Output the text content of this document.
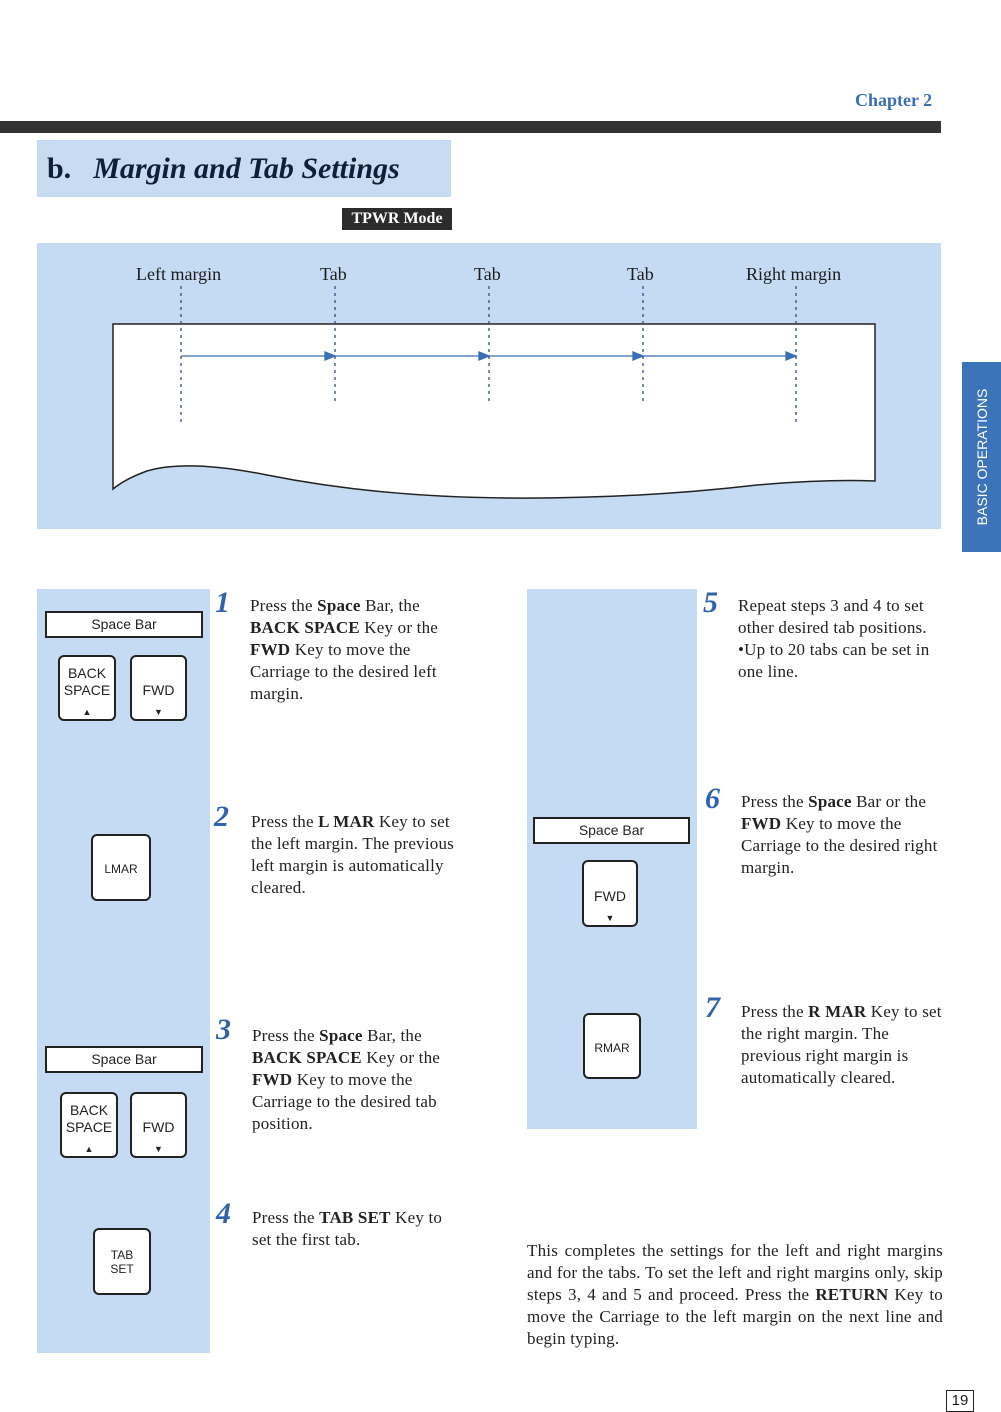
Chapter 2
b. Margin and Tab Settings
TPWR Mode
Left margin	Tab	Tab	Tab	Right margin
BASIC OPERATIONS
Space Bar
BACK
SPACE
▲
FWD
▼
LMAR
Space Bar
BACK
SPACE
▲
FWD
▼
TAB
SET
Space Bar
FWD
▼
RMAR
1 Press the Space Bar, the BACK SPACE Key or the FWD Key to move the Carriage to the desired left margin.
2 Press the L MAR Key to set the left margin. The previous left margin is automatically cleared.
3 Press the Space Bar, the BACK SPACE Key or the FWD Key to move the Carriage to the desired tab position.
4 Press the TAB SET Key to set the first tab.
5 Repeat steps 3 and 4 to set other desired tab positions.
•Up to 20 tabs can be set in one line.
6 Press the Space Bar or the FWD Key to move the Carriage to the desired right margin.
7 Press the R MAR Key to set the right margin. The previous right margin is automatically cleared.
This completes the settings for the left and right margins and for the tabs. To set the left and right margins only, skip steps 3, 4 and 5 and proceed. Press the RETURN Key to move the Carriage to the left margin on the next line and begin typing.
19
